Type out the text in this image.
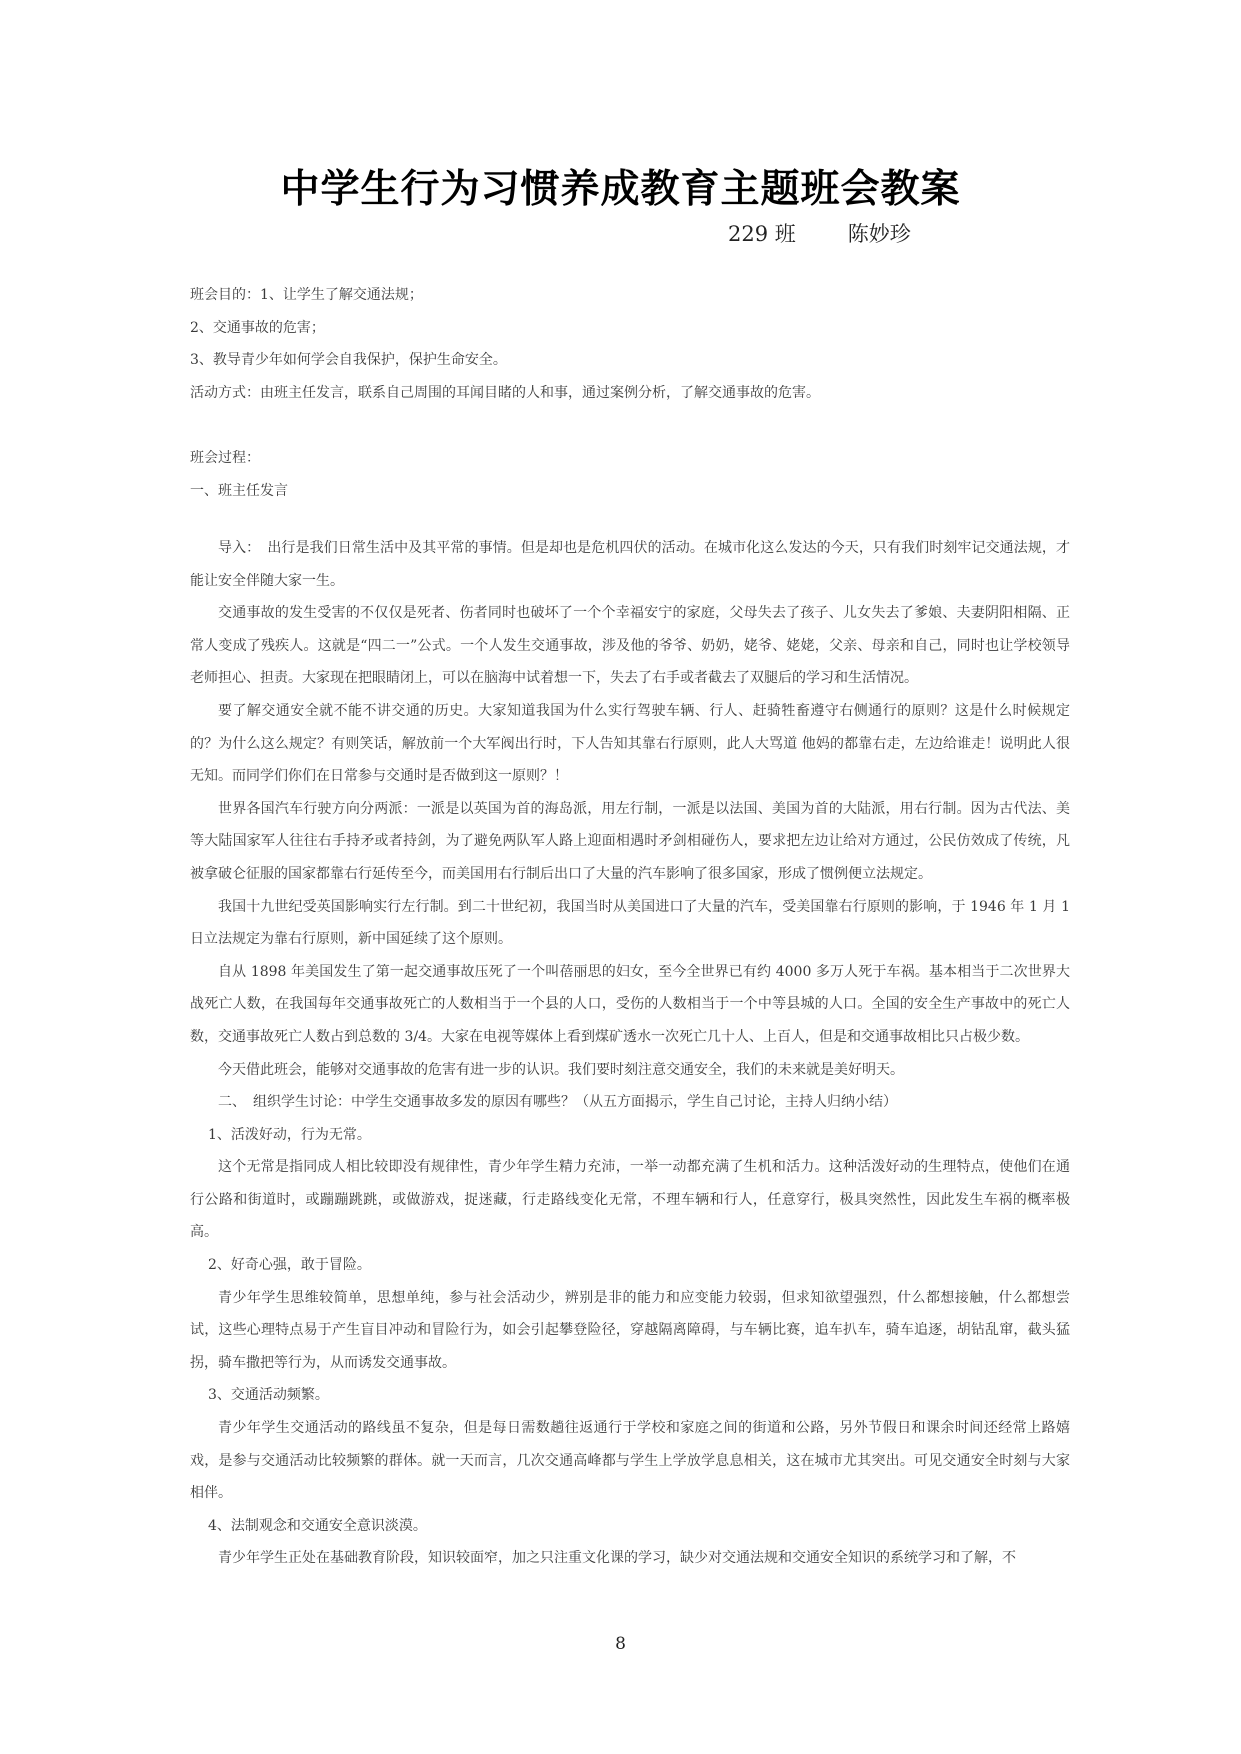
中学生行为习惯养成教育主题班会教案
229 班 陈妙珍

班会目的：1、让学生了解交通法规；

2、交通事故的危害；

3、教导青少年如何学会自我保护，保护生命安全。

活动方式：由班主任发言，联系自己周围的耳闻目睹的人和事，通过案例分析，了解交通事故的危害。

班会过程：

一、班主任发言

导入：　出行是我们日常生活中及其平常的事情。但是却也是危机四伏的活动。在城市化这么发达的今天，只有我们时刻牢记交通法规，才能让安全伴随大家一生。

交通事故的发生受害的不仅仅是死者、伤者同时也破坏了一个个幸福安宁的家庭，父母失去了孩子、儿女失去了爹娘、夫妻阴阳相隔、正常人变成了残疾人。这就是“四二一”公式。一个人发生交通事故，涉及他的爷爷、奶奶，姥爷、姥姥，父亲、母亲和自己，同时也让学校领导老师担心、担责。大家现在把眼睛闭上，可以在脑海中试着想一下，失去了右手或者截去了双腿后的学习和生活情况。

要了解交通安全就不能不讲交通的历史。大家知道我国为什么实行驾驶车辆、行人、赶骑牲畜遵守右侧通行的原则？这是什么时候规定的？为什么这么规定？有则笑话，解放前一个大军阀出行时，下人告知其靠右行原则，此人大骂道 他妈的都靠右走，左边给谁走！说明此人很无知。而同学们你们在日常参与交通时是否做到这一原则？！

世界各国汽车行驶方向分两派：一派是以英国为首的海岛派，用左行制，一派是以法国、美国为首的大陆派，用右行制。因为古代法、美等大陆国家军人往往右手持矛或者持剑，为了避免两队军人路上迎面相遇时矛剑相碰伤人，要求把左边让给对方通过，公民仿效成了传统，凡被拿破仑征服的国家都靠右行延传至今，而美国用右行制后出口了大量的汽车影响了很多国家，形成了惯例便立法规定。

我国十九世纪受英国影响实行左行制。到二十世纪初，我国当时从美国进口了大量的汽车，受美国靠右行原则的影响，于 1946 年 1 月 1 日立法规定为靠右行原则，新中国延续了这个原则。

自从 1898 年美国发生了第一起交通事故压死了一个叫蓓丽思的妇女，至今全世界已有约 4000 多万人死于车祸。基本相当于二次世界大战死亡人数，在我国每年交通事故死亡的人数相当于一个县的人口，受伤的人数相当于一个中等县城的人口。全国的安全生产事故中的死亡人数，交通事故死亡人数占到总数的 3/4。大家在电视等媒体上看到煤矿透水一次死亡几十人、上百人，但是和交通事故相比只占极少数。

今天借此班会，能够对交通事故的危害有进一步的认识。我们要时刻注意交通安全，我们的未来就是美好明天。

二、　组织学生讨论：中学生交通事故多发的原因有哪些？（从五方面揭示，学生自己讨论，主持人归纳小结）

1、活泼好动，行为无常。

这个无常是指同成人相比较即没有规律性，青少年学生精力充沛，一举一动都充满了生机和活力。这种活泼好动的生理特点，使他们在通行公路和街道时，或蹦蹦跳跳，或做游戏，捉迷藏，行走路线变化无常，不理车辆和行人，任意穿行，极具突然性，因此发生车祸的概率极高。

2、好奇心强，敢于冒险。

青少年学生思维较简单，思想单纯，参与社会活动少，辨别是非的能力和应变能力较弱，但求知欲望强烈，什么都想接触，什么都想尝试，这些心理特点易于产生盲目冲动和冒险行为，如会引起攀登险径，穿越隔离障碍，与车辆比赛，追车扒车，骑车追逐，胡钻乱窜，截头猛拐，骑车撒把等行为，从而诱发交通事故。

3、交通活动频繁。

青少年学生交通活动的路线虽不复杂，但是每日需数趟往返通行于学校和家庭之间的街道和公路，另外节假日和课余时间还经常上路嬉戏，是参与交通活动比较频繁的群体。就一天而言，几次交通高峰都与学生上学放学息息相关，这在城市尤其突出。可见交通安全时刻与大家相伴。

4、法制观念和交通安全意识淡漠。

青少年学生正处在基础教育阶段，知识较面窄，加之只注重文化课的学习，缺少对交通法规和交通安全知识的系统学习和了解，不

8
